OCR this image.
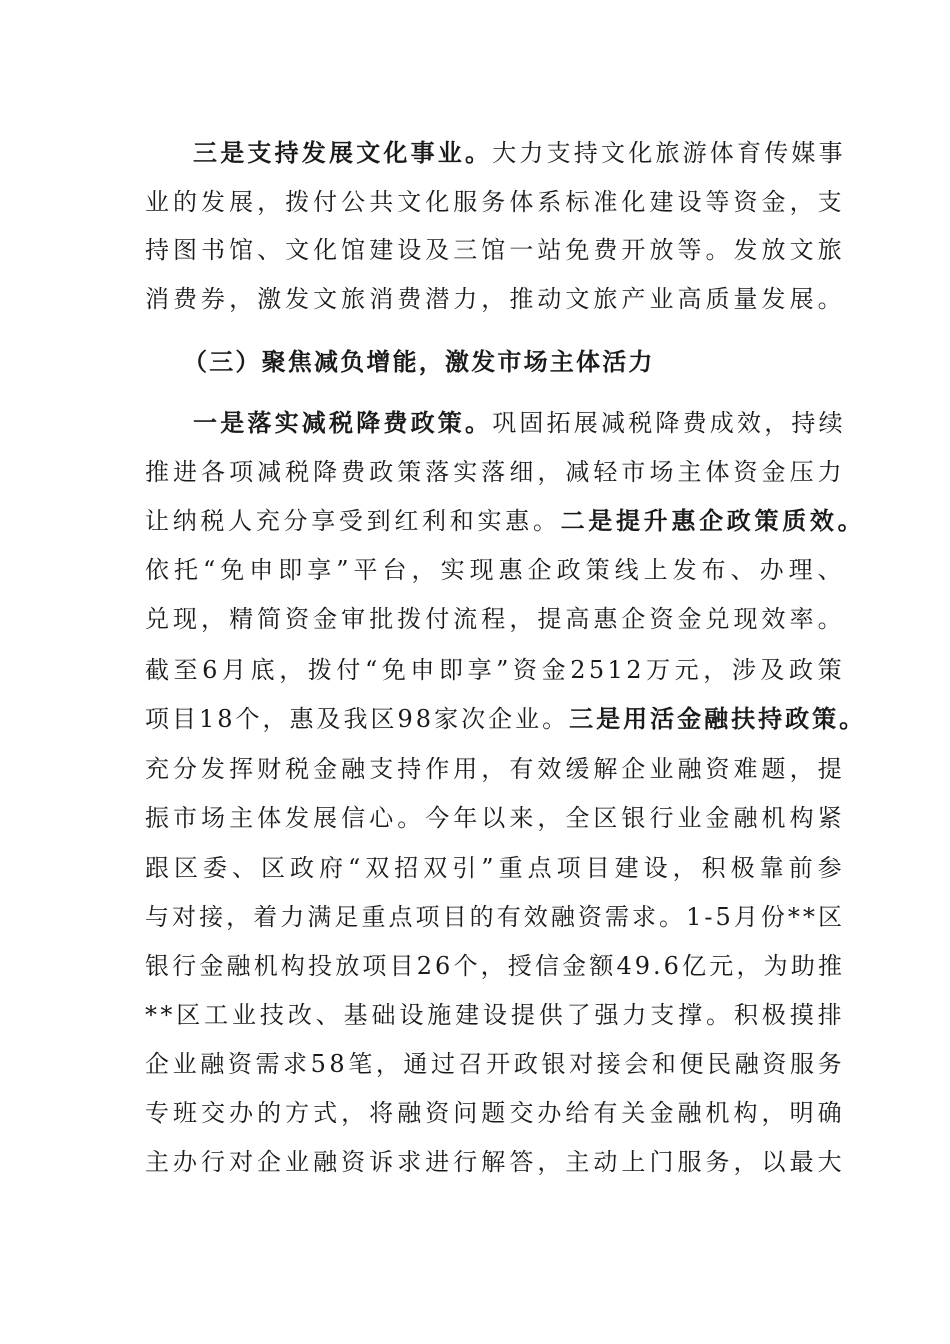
三是支持发展文化事业。大力支持文化旅游体育传媒事
业的发展，拨付公共文化服务体系标准化建设等资金，支
持图书馆、文化馆建设及三馆一站免费开放等。发放文旅
消费券，激发文旅消费潜力，推动文旅产业高质量发展。
（三）聚焦减负增能，激发市场主体活力
一是落实减税降费政策。巩固拓展减税降费成效，持续
推进各项减税降费政策落实落细，减轻市场主体资金压力
让纳税人充分享受到红利和实惠。二是提升惠企政策质效。
依托“免申即享”平台，实现惠企政策线上发布、办理、
兑现，精简资金审批拨付流程，提高惠企资金兑现效率。
截至6月底，拨付“免申即享”资金2512万元，涉及政策
项目18个，惠及我区98家次企业。三是用活金融扶持政策。
充分发挥财税金融支持作用，有效缓解企业融资难题，提
振市场主体发展信心。今年以来，全区银行业金融机构紧
跟区委、区政府“双招双引”重点项目建设，积极靠前参
与对接，着力满足重点项目的有效融资需求。1-5月份**区
银行金融机构投放项目26个，授信金额49.6亿元，为助推
**区工业技改、基础设施建设提供了强力支撑。积极摸排
企业融资需求58笔，通过召开政银对接会和便民融资服务
专班交办的方式，将融资问题交办给有关金融机构，明确
主办行对企业融资诉求进行解答，主动上门服务，以最大
